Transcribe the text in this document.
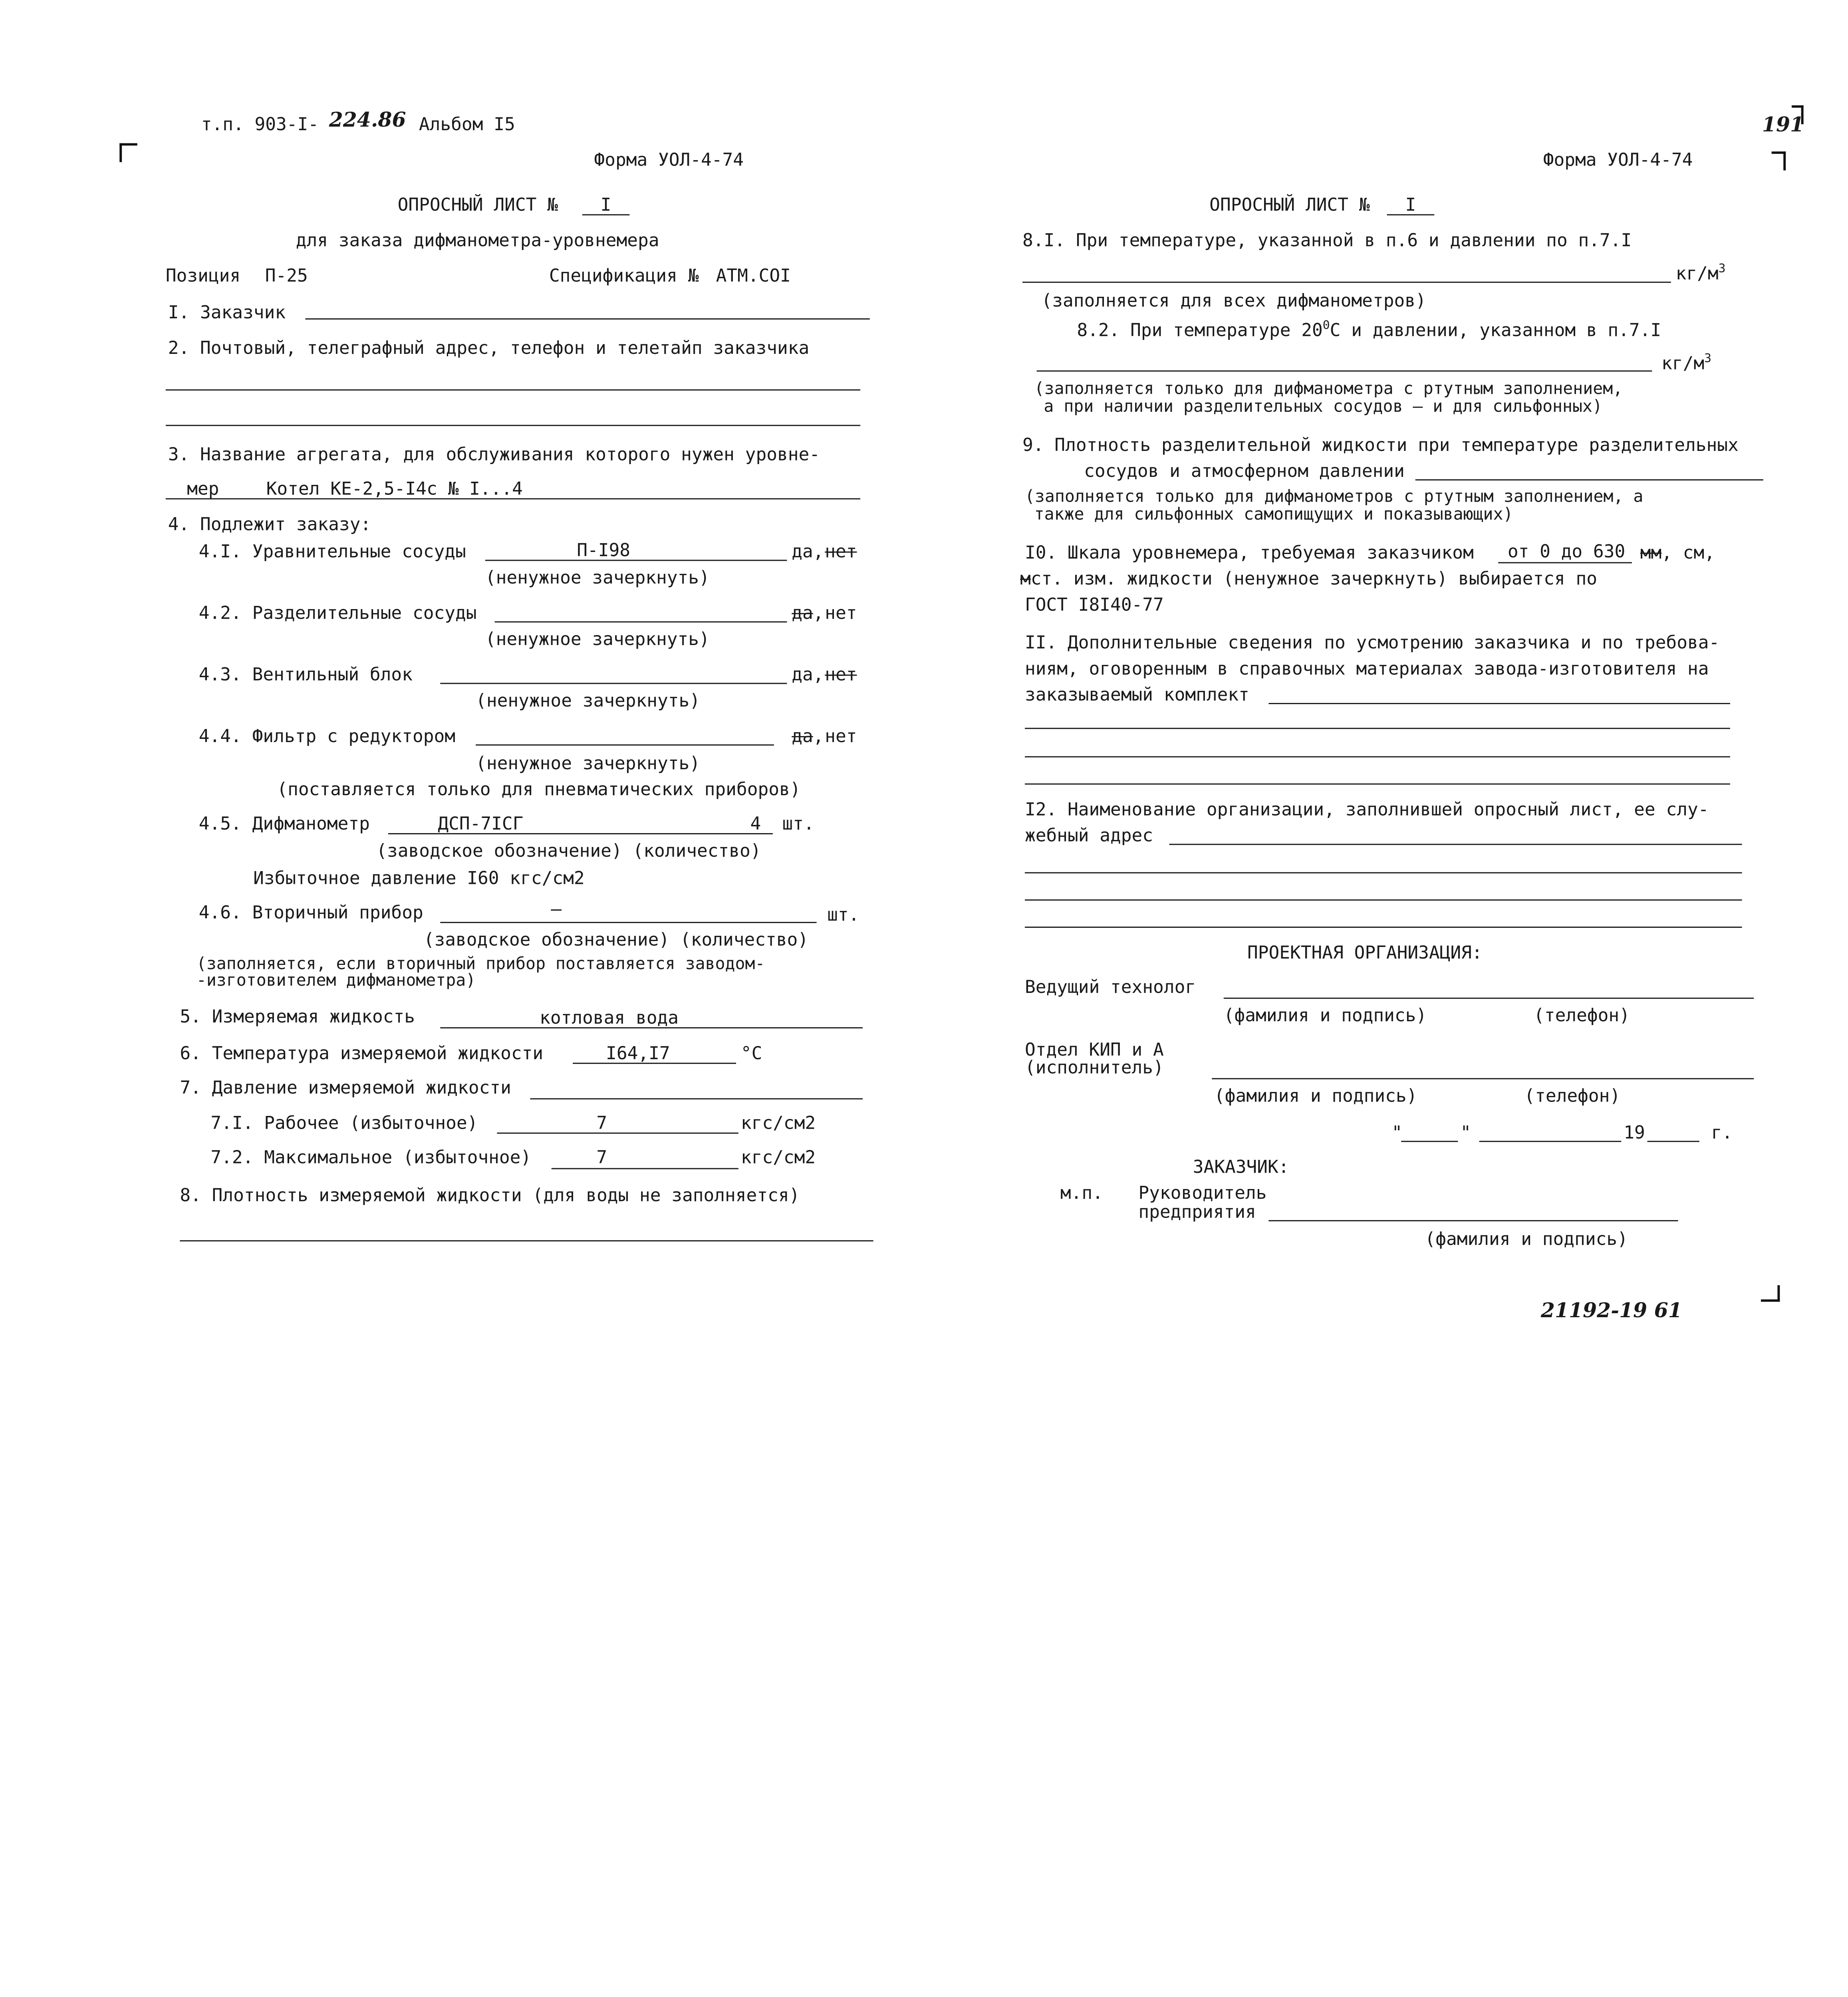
т.п. 903-I- 224.86 Альбом I5	191
Форма УОЛ-4-74	Форма УОЛ-4-74
ОПРОСНЫЙ ЛИСТ №	I
для заказа дифманометра-уровнемера
Позиция	П-25	Спецификация №	АТМ.СОI
I. Заказчик
2. Почтовый, телеграфный адрес, телефон и телетайп заказчика
3. Название агрегата, для обслуживания которого нужен уровне-
мер	Котел КЕ-2,5-I4с № I...4
4. Подлежит заказу:
4.I. Уравнительные сосуды	П-I98	да , нет
(ненужное зачеркнуть)
4.2. Разделительные сосуды	да , нет
(ненужное зачеркнуть)
4.3. Вентильный блок	да , нет
(ненужное зачеркнуть)
4.4. Фильтр с редуктором	да , нет
(ненужное зачеркнуть)
(поставляется только для пневматических приборов)
4.5. Дифманометр	ДСП-7IСГ	4	шт.
(заводское обозначение) (количество)
Избыточное давление I60 кгс/см2
4.6. Вторичный прибор	—	шт.
(заводское обозначение) (количество)
(заполняется, если вторичный прибор поставляется заводом-
-изготовителем дифманометра)
5. Измеряемая жидкость	котловая вода
6. Температура измеряемой жидкости	I64,I7	°С
7. Давление измеряемой жидкости
7.I. Рабочее (избыточное)	7	кгс/см2
7.2. Максимальное (избыточное)	7	кгс/см2
8. Плотность измеряемой жидкости (для воды не заполняется)
ОПРОСНЫЙ ЛИСТ №	I
8.I. При температуре, указанной в п.6 и давлении по п.7.I
$кг/м^3$
(заполняется для всех дифманометров)
8.2. При температуре $20^0С$ и давлении, указанном в п.7.I
$кг/м^3$
(заполняется только для дифманометра с ртутным заполнением,
а при наличии разделительных сосудов – и для сильфонных)
9. Плотность разделительной жидкости при температуре разделительных
сосудов и атмосферном давлении
(заполняется только для дифманометров с ртутным заполнением, а
также для сильфонных самопищущих и показывающих)
I0. Шкала уровнемера, требуемая заказчиком	от 0 до 630	мм , см,
м ст. изм. жидкости (ненужное зачеркнуть) выбирается по
ГОСТ I8I40-77
II. Дополнительные сведения по усмотрению заказчика и по требова-
ниям, оговоренным в справочных материалах завода-изготовителя на
заказываемый комплект
I2. Наименование организации, заполнившей опросный лист, ее слу-
жебный адрес
ПРОЕКТНАЯ ОРГАНИЗАЦИЯ:
Ведущий технолог
(фамилия и подпись)	(телефон)
Отдел КИП и А
(исполнитель)
(фамилия и подпись)	(телефон)
"	"	19	г.
ЗАКАЗЧИК:
м.п.	Руководитель
предприятия
(фамилия и подпись)
21192-19 61
